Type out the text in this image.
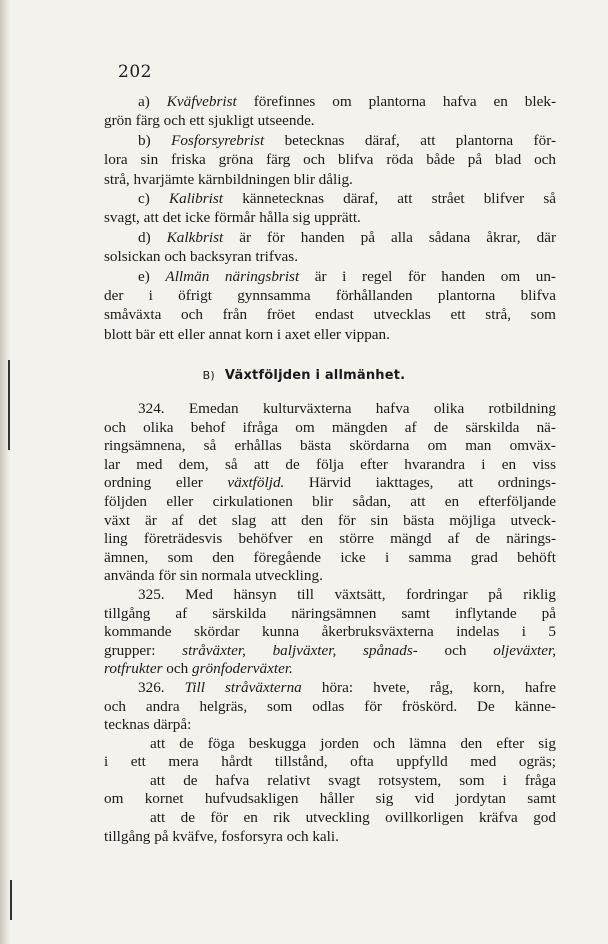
202
a) Kväfvebrist förefinnes om plantorna hafva en blek-
grön färg och ett sjukligt utseende.
b) Fosforsyrebrist betecknas däraf, att plantorna för-
lora sin friska gröna färg och blifva röda både på blad och
strå, hvarjämte kärnbildningen blir dålig.
c) Kalibrist kännetecknas däraf, att strået blifver så
svagt, att det icke förmår hålla sig upprätt.
d) Kalkbrist är för handen på alla sådana åkrar, där
solsickan och backsyran trifvas.
e) Allmän näringsbrist är i regel för handen om un-
der i öfrigt gynnsamma förhållanden plantorna blifva
småväxta och från fröet endast utvecklas ett strå, som
blott bär ett eller annat korn i axet eller vippan.
B) Växtföljden i allmänhet.
324. Emedan kulturväxterna hafva olika rotbildning
och olika behof ifråga om mängden af de särskilda nä-
ringsämnena, så erhållas bästa skördarna om man omväx-
lar med dem, så att de följa efter hvarandra i en viss
ordning eller växtföljd. Härvid iakttages, att ordnings-
följden eller cirkulationen blir sådan, att en efterföljande
växt är af det slag att den för sin bästa möjliga utveck-
ling företrädesvis behöfver en större mängd af de närings-
ämnen, som den föregående icke i samma grad behöft
använda för sin normala utveckling.
325. Med hänsyn till växtsätt, fordringar på riklig
tillgång af särskilda näringsämnen samt inflytande på
kommande skördar kunna åkerbruksväxterna indelas i 5
grupper: stråväxter, baljväxter, spånads- och oljeväxter,
rotfrukter och grönfoderväxter.
326. Till stråväxterna höra: hvete, råg, korn, hafre
och andra helgräs, som odlas för fröskörd. De känne-
tecknas därpå:
att de föga beskugga jorden och lämna den efter sig
i ett mera hårdt tillstånd, ofta uppfylld med ogräs;
att de hafva relativt svagt rotsystem, som i fråga
om kornet hufvudsakligen håller sig vid jordytan samt
att de för en rik utveckling ovillkorligen kräfva god
tillgång på kväfve, fosforsyra och kali.
